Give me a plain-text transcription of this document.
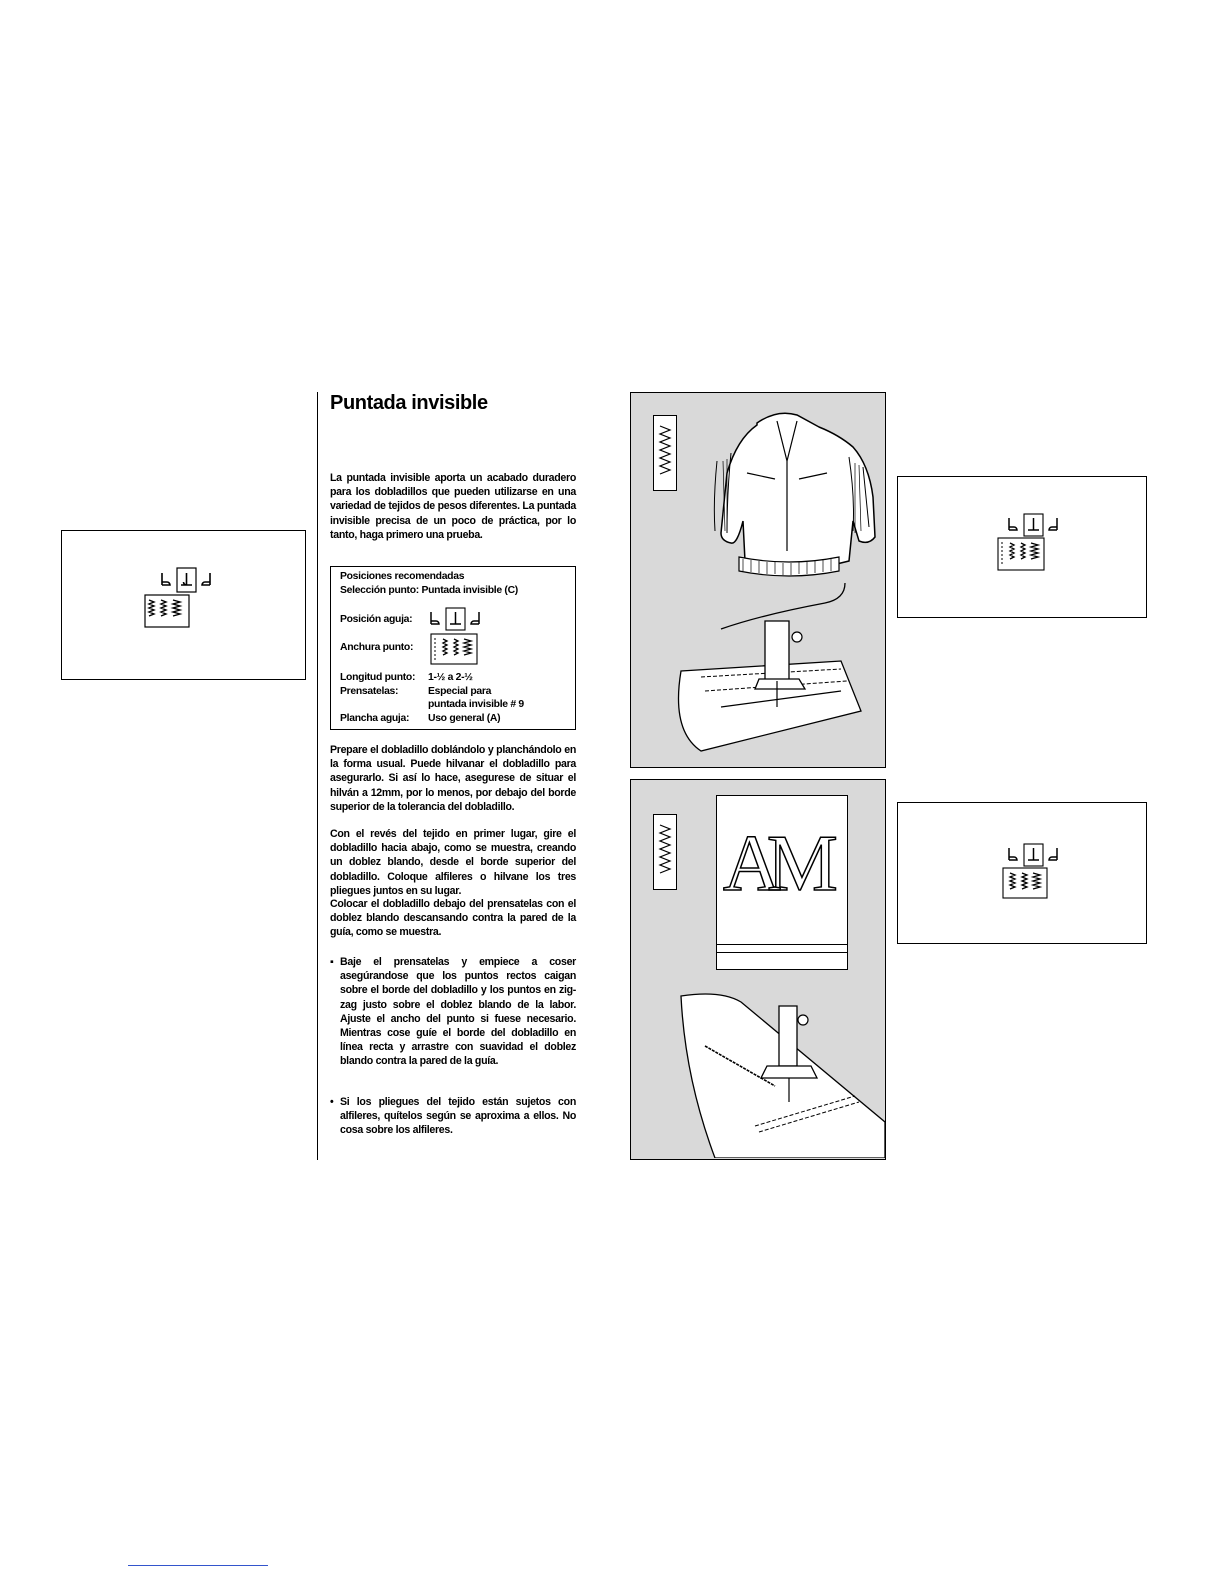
Puntada invisible
La puntada invisible aporta un acabado duradero para los dobladillos que pueden utilizarse en una variedad de tejidos de pesos diferentes. La puntada invisible precisa de un poco de práctica, por lo tanto, haga primero una prueba.
Posiciones recomendadas
Selección punto: Puntada invisible (C)
Posición aguja:
Anchura punto:
Longitud punto: 1-½ a 2-½
Prensatelas:	Especial para
puntada invisible # 9
Plancha aguja: Uso general (A)
Prepare el dobladillo doblándolo y planchándolo en la forma usual. Puede hilvanar el dobladillo para asegurarlo. Si así lo hace, asegurese de situar el hilván a 12mm, por lo menos, por debajo del borde superior de la tolerancia del dobladillo.
Con el revés del tejido en primer lugar, gire el dobladillo hacia abajo, como se muestra, creando un doblez blando, desde el borde superior del dobladillo. Coloque alfileres o hilvane los tres pliegues juntos en su lugar.
Colocar el dobladillo debajo del prensatelas con el doblez blando descansando contra la pared de la guía, como se muestra.
▪ Baje el prensatelas y empiece a coser asegúrandose que los puntos rectos caigan sobre el borde del dobladillo y los puntos en zig-zag justo sobre el doblez blando de la labor. Ajuste el ancho del punto si fuese necesario. Mientras cose guíe el borde del dobladillo en línea recta y arrastre con suavidad el doblez blando contra la pared de la guía.
• Si los pliegues del tejido están sujetos con alfileres, quítelos según se aproxima a ellos. No cosa sobre los alfileres.
AM
